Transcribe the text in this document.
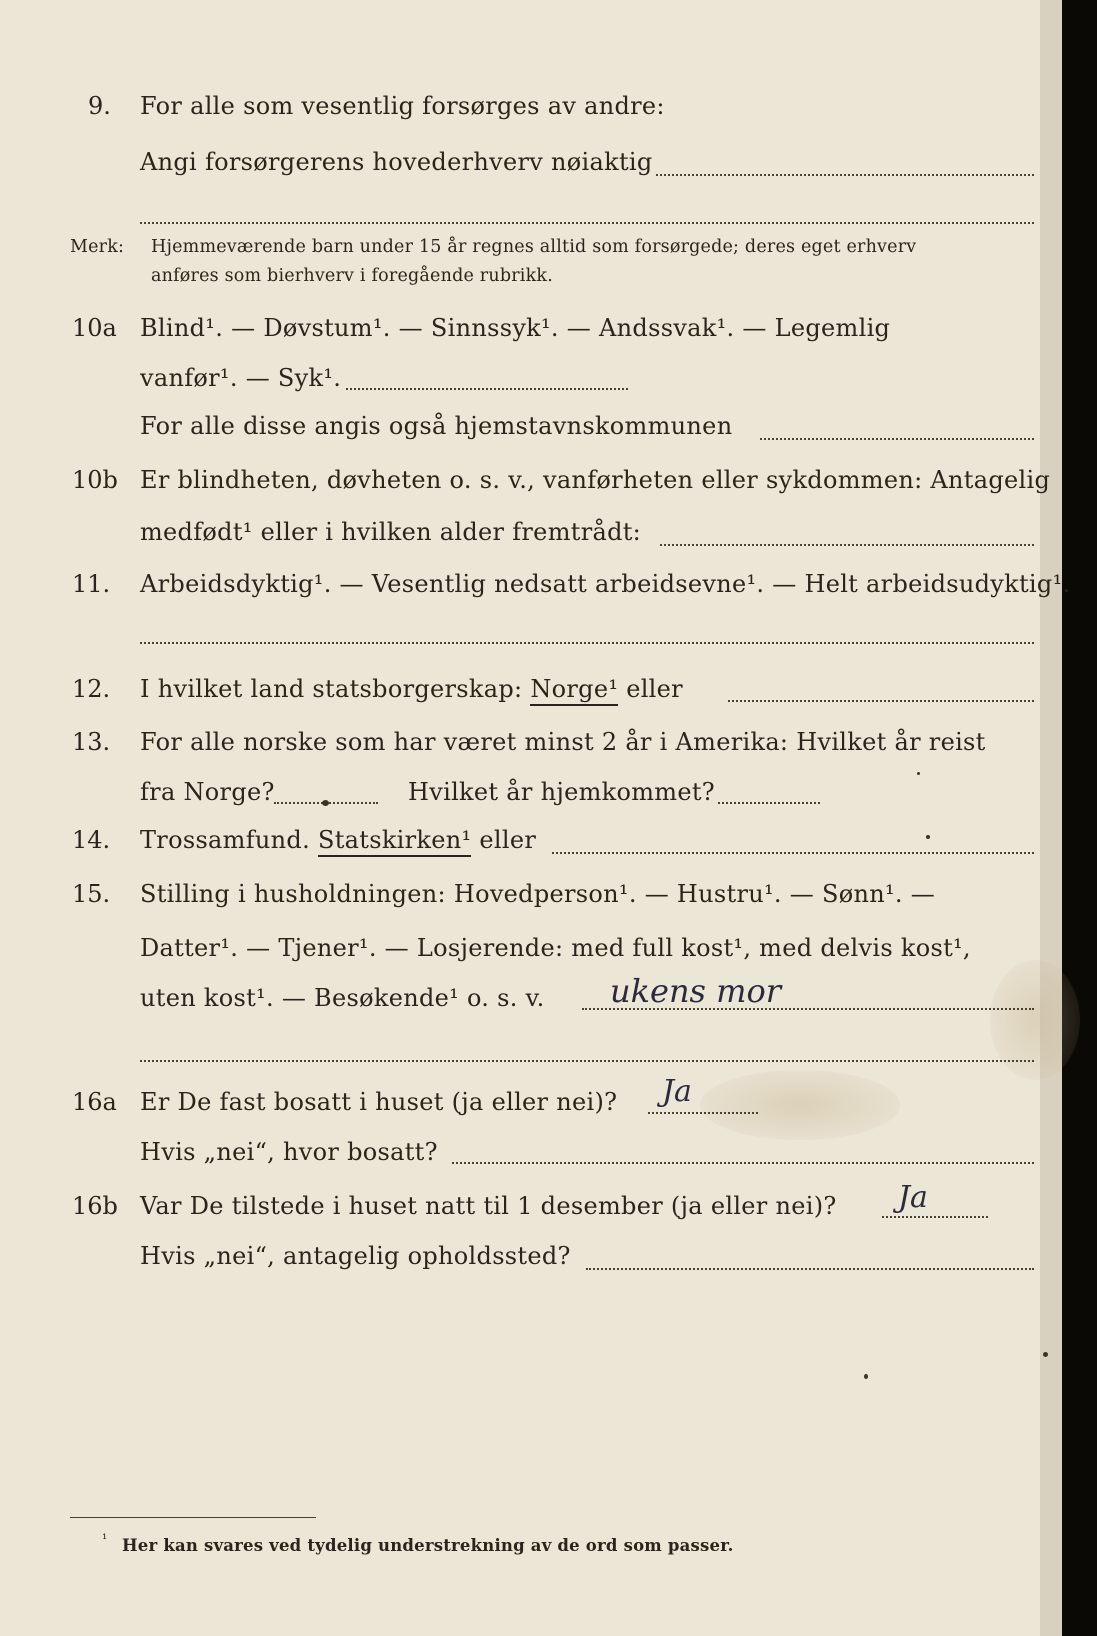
9. For alle som vesentlig forsørges av andre:
Angi forsørgerens hovederhverv nøiaktig
Merk: Hjemmeværende barn under 15 år regnes alltid som forsørgede; deres eget erhverv
anføres som bierhverv i foregående rubrikk.
10a Blind¹. — Døvstum¹. — Sinnssyk¹. — Andssvak¹. — Legemlig
vanfør¹. — Syk¹.
For alle disse angis også hjemstavnskommunen
10b Er blindheten, døvheten o. s. v., vanførheten eller sykdommen: Antagelig
medfødt¹ eller i hvilken alder fremtrådt:
11. Arbeidsdyktig¹. — Vesentlig nedsatt arbeidsevne¹. — Helt arbeidsudyktig¹.
12. I hvilket land statsborgerskap: Norge¹ eller
13. For alle norske som har været minst 2 år i Amerika: Hvilket år reist
fra Norge?	Hvilket år hjemkommet?
14. Trossamfund. Statskirken¹ eller
15. Stilling i husholdningen: Hovedperson¹. — Hustru¹. — Sønn¹. —
Datter¹. — Tjener¹. — Losjerende: med full kost¹, med delvis kost¹,
uten kost¹. — Besøkende¹ o. s. v. ukens mor
16a Er De fast bosatt i huset (ja eller nei)? Ja
Hvis „nei“, hvor bosatt?
16b Var De tilstede i huset natt til 1 desember (ja eller nei)? Ja
Hvis „nei“, antagelig opholdssted?
¹ Her kan svares ved tydelig understrekning av de ord som passer.
